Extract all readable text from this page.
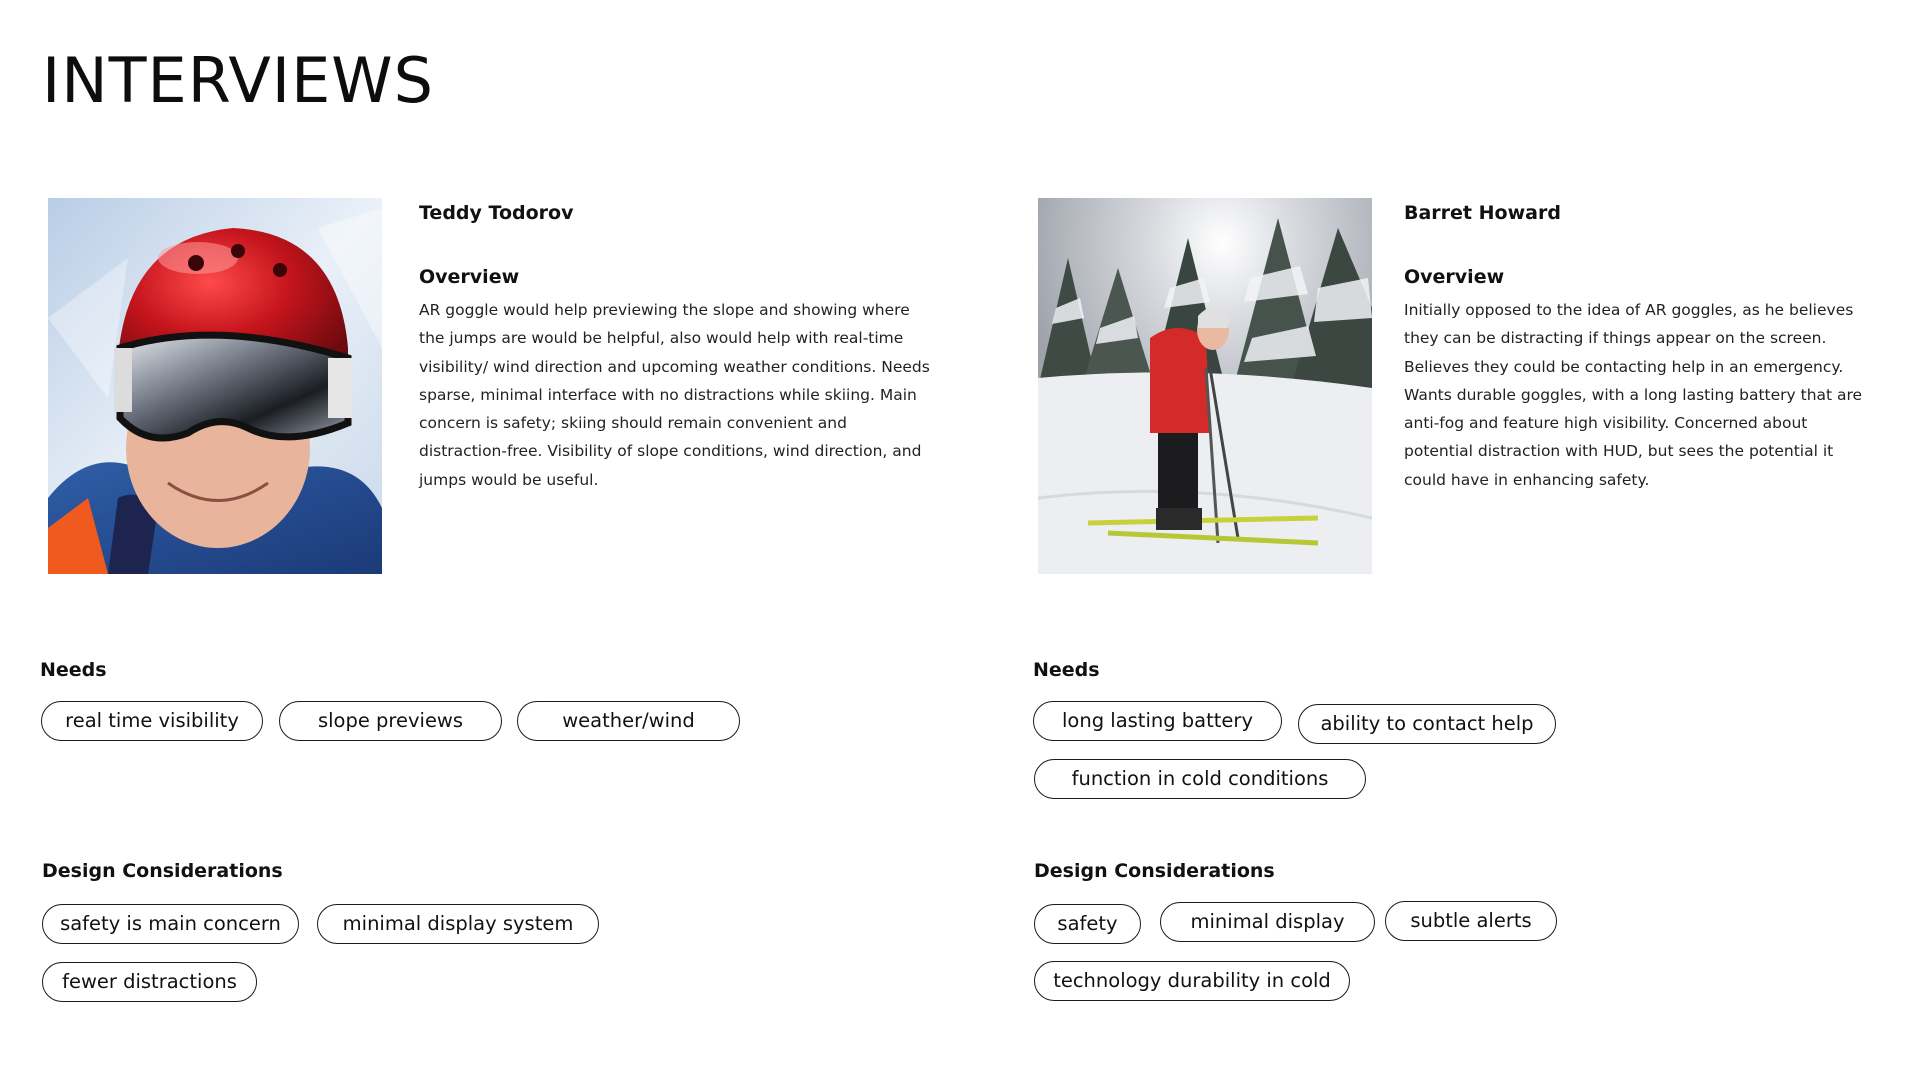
INTERVIEWS

Teddy Todorov

Overview

AR goggle would help previewing the slope and showing where the jumps are would be helpful, also would help with real-time visibility/ wind direction and upcoming weather conditions. Needs sparse, minimal interface with no distractions while skiing. Main concern is safety; skiing should remain convenient and distraction-free. Visibility of slope conditions, wind direction, and jumps would be useful.

Barret Howard

Overview

Initially opposed to the idea of AR goggles, as he believes they can be distracting if things appear on the screen. Believes they could be contacting help in an emergency. Wants durable goggles, with a long lasting battery that are anti-fog and feature high visibility. Concerned about potential distraction with HUD, but sees the potential it could have in enhancing safety.

Needs

real time visibility	slope previews	weather/wind

Design Considerations

safety is main concern	minimal display system
fewer distractions

Needs

long lasting battery	ability to contact help
function in cold conditions

Design Considerations

safety	minimal display	subtle alerts
technology durability in cold
